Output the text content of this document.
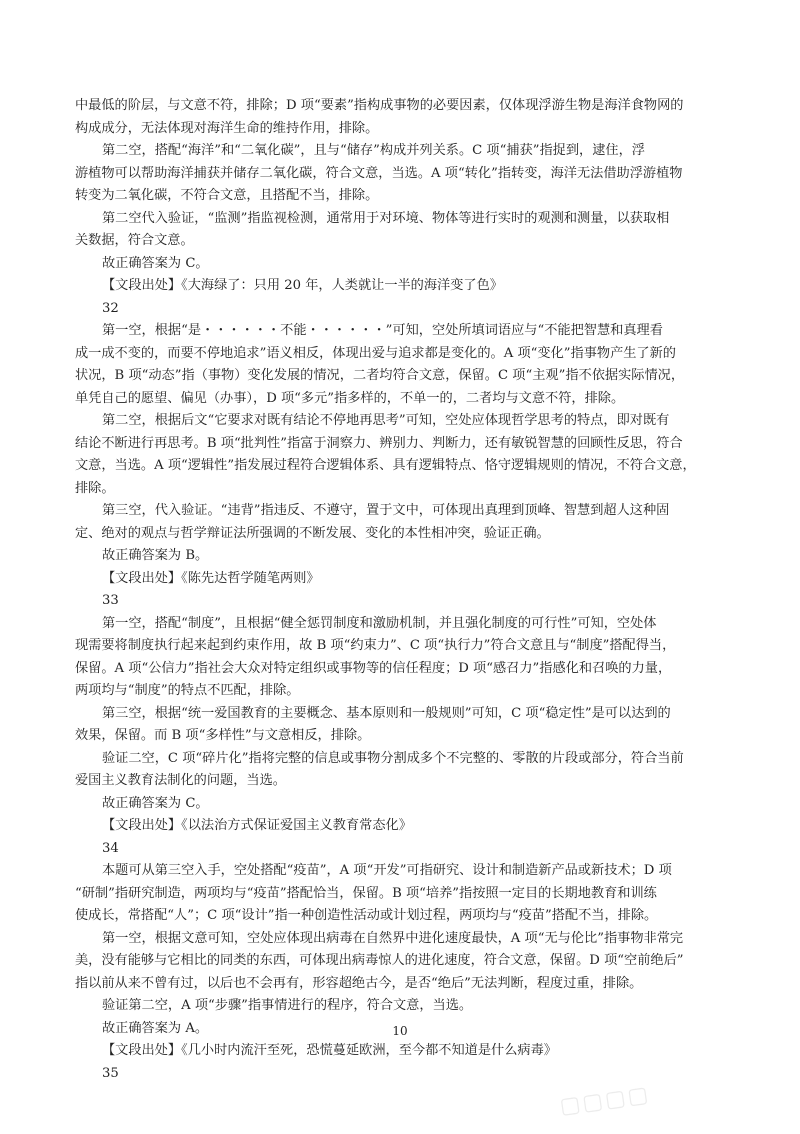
中最低的阶层，与文意不符，排除；D 项“要素”指构成事物的必要因素，仅体现浮游生物是海洋食物网的

构成成分，无法体现对海洋生命的维持作用，排除。

第二空，搭配“海洋”和“二氧化碳”，且与“储存”构成并列关系。C 项“捕获”指捉到，逮住，浮

游植物可以帮助海洋捕获并储存二氧化碳，符合文意，当选。A 项“转化”指转变，海洋无法借助浮游植物

转变为二氧化碳，不符合文意，且搭配不当，排除。

第二空代入验证，“监测”指监视检测，通常用于对环境、物体等进行实时的观测和测量，以获取相

关数据，符合文意。

故正确答案为 C。

【文段出处】《大海绿了：只用 20 年，人类就让一半的海洋变了色》

32

第一空，根据“是・・・・・・不能・・・・・・”可知，空处所填词语应与“不能把智慧和真理看

成一成不变的，而要不停地追求”语义相反，体现出爱与追求都是变化的。A 项“变化”指事物产生了新的

状况，B 项“动态”指（事物）变化发展的情况，二者均符合文意，保留。C 项“主观”指不依据实际情况，

单凭自己的愿望、偏见（办事），D 项“多元”指多样的，不单一的，二者均与文意不符，排除。

第二空，根据后文“它要求对既有结论不停地再思考”可知，空处应体现哲学思考的特点，即对既有

结论不断进行再思考。B 项“批判性”指富于洞察力、辨别力、判断力，还有敏锐智慧的回顾性反思，符合

文意，当选。A 项“逻辑性”指发展过程符合逻辑体系、具有逻辑特点、恪守逻辑规则的情况，不符合文意，

排除。

第三空，代入验证。“违背”指违反、不遵守，置于文中，可体现出真理到顶峰、智慧到超人这种固

定、绝对的观点与哲学辩证法所强调的不断发展、变化的本性相冲突，验证正确。

故正确答案为 B。

【文段出处】《陈先达哲学随笔两则》

33

第一空，搭配“制度”，且根据“健全惩罚制度和激励机制，并且强化制度的可行性”可知，空处体

现需要将制度执行起来起到约束作用，故 B 项“约束力”、C 项“执行力”符合文意且与“制度”搭配得当，

保留。A 项“公信力”指社会大众对特定组织或事物等的信任程度；D 项“感召力”指感化和召唤的力量，

两项均与“制度”的特点不匹配，排除。

第三空，根据“统一爱国教育的主要概念、基本原则和一般规则”可知，C 项“稳定性”是可以达到的

效果，保留。而 B 项“多样性”与文意相反，排除。

验证二空，C 项“碎片化”指将完整的信息或事物分割成多个不完整的、零散的片段或部分，符合当前

爱国主义教育法制化的问题，当选。

故正确答案为 C。

【文段出处】《以法治方式保证爱国主义教育常态化》

34

本题可从第三空入手，空处搭配“疫苗”，A 项“开发”可指研究、设计和制造新产品或新技术；D 项

“研制”指研究制造，两项均与“疫苗”搭配恰当，保留。B 项“培养”指按照一定目的长期地教育和训练

使成长，常搭配“人”；C 项“设计”指一种创造性活动或计划过程，两项均与“疫苗”搭配不当，排除。

第一空，根据文意可知，空处应体现出病毒在自然界中进化速度最快，A 项“无与伦比”指事物非常完

美，没有能够与它相比的同类的东西，可体现出病毒惊人的进化速度，符合文意，保留。D 项“空前绝后”

指以前从来不曾有过，以后也不会再有，形容超绝古今，是否“绝后”无法判断，程度过重，排除。

验证第二空，A 项“步骤”指事情进行的程序，符合文意，当选。

故正确答案为 A。

【文段出处】《几小时内流汗至死，恐慌蔓延欧洲，至今都不知道是什么病毒》

35

10
▢▢▢▢
